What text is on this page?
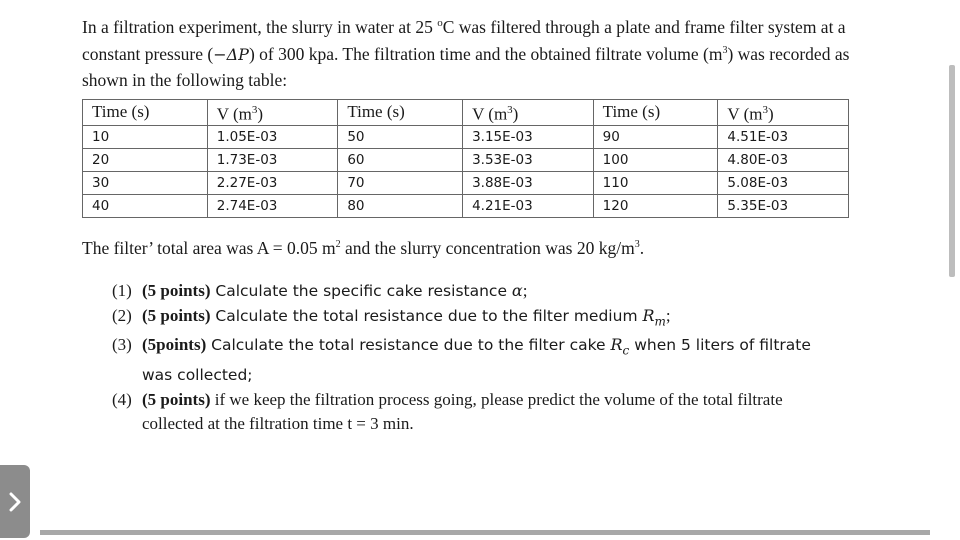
In a filtration experiment, the slurry in water at 25 $^o$C was filtered through a plate and frame filter system at a constant pressure (−ΔP) of 300 kpa. The filtration time and the obtained filtrate volume $(m^3)$ was recorded as shown in the following table:
Time (s)	V $(m^3)$	Time (s)	V $(m^3)$	Time (s)	V $(m^3)$
10	1.05E-03	50	3.15E-03	90	4.51E-03
20	1.73E-03	60	3.53E-03	100	4.80E-03
30	2.27E-03	70	3.88E-03	110	5.08E-03
40	2.74E-03	80	4.21E-03	120	5.35E-03
The filter’ total area was A = 0.05 $m^2$ and the slurry concentration was 20 $kg/m^3$.
(1) (5 points) Calculate the specific cake resistance α;
(2) (5 points) Calculate the total resistance due to the filter medium $R_m$;
(3) (5points) Calculate the total resistance due to the filter cake $R_c$ when 5 liters of filtrate was collected;
(4) (5 points) if we keep the filtration process going, please predict the volume of the total filtrate collected at the filtration time t = 3 min.
